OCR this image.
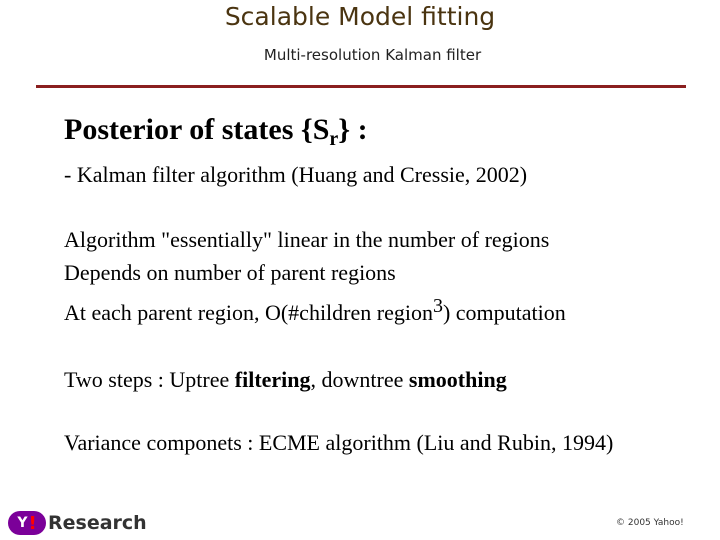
Scalable Model fitting
Multi-resolution Kalman filter
Posterior of states $\{S_r\}$ :
- Kalman filter algorithm (Huang and Cressie, 2002)
Algorithm "essentially" linear in the number of regions
Depends on number of parent regions
At each parent region, O(#children region$^3$) computation
Two steps : Uptree filtering, downtree smoothing
Variance componets : ECME algorithm (Liu and Rubin, 1994)
Y ! Research	© 2005 Yahoo!
